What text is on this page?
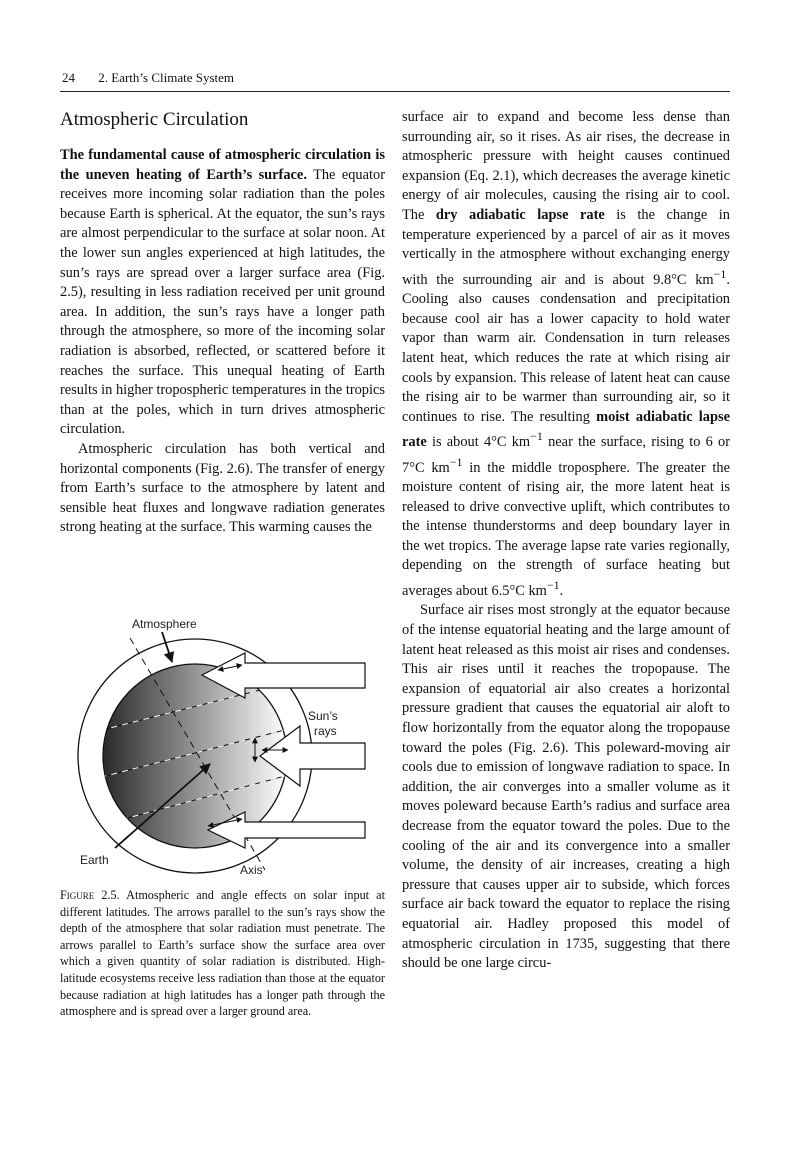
24 2. Earth’s Climate System
Atmospheric Circulation

The fundamental cause of atmospheric circulation is the uneven heating of Earth’s surface. The equator receives more incoming solar radiation than the poles because Earth is spherical. At the equator, the sun’s rays are almost perpendicular to the surface at solar noon. At the lower sun angles experienced at high latitudes, the sun’s rays are spread over a larger surface area (Fig. 2.5), resulting in less radiation received per unit ground area. In addition, the sun’s rays have a longer path through the atmosphere, so more of the incoming solar radiation is absorbed, reflected, or scattered before it reaches the surface. This unequal heating of Earth results in higher tropospheric temperatures in the tropics than at the poles, which in turn drives atmospheric circulation.

Atmospheric circulation has both vertical and horizontal components (Fig. 2.6). The transfer of energy from Earth’s surface to the atmosphere by latent and sensible heat fluxes and longwave radiation generates strong heating at the surface. This warming causes the

Atmosphere
Sun’s
rays
Earth
Axis
Figure 2.5. Atmospheric and angle effects on solar input at different latitudes. The arrows parallel to the sun’s rays show the depth of the atmosphere that solar radiation must penetrate. The arrows parallel to Earth’s surface show the surface area over which a given quantity of solar radiation is distributed. High-latitude ecosystems receive less radiation than those at the equator because radiation at high latitudes has a longer path through the atmosphere and is spread over a larger ground area.

surface air to expand and become less dense than surrounding air, so it rises. As air rises, the decrease in atmospheric pressure with height causes continued expansion (Eq. 2.1), which decreases the average kinetic energy of air molecules, causing the rising air to cool. The dry adiabatic lapse rate is the change in temperature experienced by a parcel of air as it moves vertically in the atmosphere without exchanging energy with the surrounding air and is about 9.8°C $km^{-1}$. Cooling also causes condensation and precipitation because cool air has a lower capacity to hold water vapor than warm air. Condensation in turn releases latent heat, which reduces the rate at which rising air cools by expansion. This release of latent heat can cause the rising air to be warmer than surrounding air, so it continues to rise. The resulting moist adiabatic lapse rate is about 4°C $km^{-1}$ near the surface, rising to 6 or 7°C $km^{-1}$ in the middle troposphere. The greater the moisture content of rising air, the more latent heat is released to drive convective uplift, which contributes to the intense thunderstorms and deep boundary layer in the wet tropics. The average lapse rate varies regionally, depending on the strength of surface heating but averages about 6.5°C $km^{-1}$.

Surface air rises most strongly at the equator because of the intense equatorial heating and the large amount of latent heat released as this moist air rises and condenses. This air rises until it reaches the tropopause. The expansion of equatorial air also creates a horizontal pressure gradient that causes the equatorial air aloft to flow horizontally from the equator along the tropopause toward the poles (Fig. 2.6). This poleward-moving air cools due to emission of longwave radiation to space. In addition, the air converges into a smaller volume as it moves poleward because Earth’s radius and surface area decrease from the equator toward the poles. Due to the cooling of the air and its convergence into a smaller volume, the density of air increases, creating a high pressure that causes upper air to subside, which forces surface air back toward the equator to replace the rising equatorial air. Hadley proposed this model of atmospheric circulation in 1735, suggesting that there should be one large circu-
